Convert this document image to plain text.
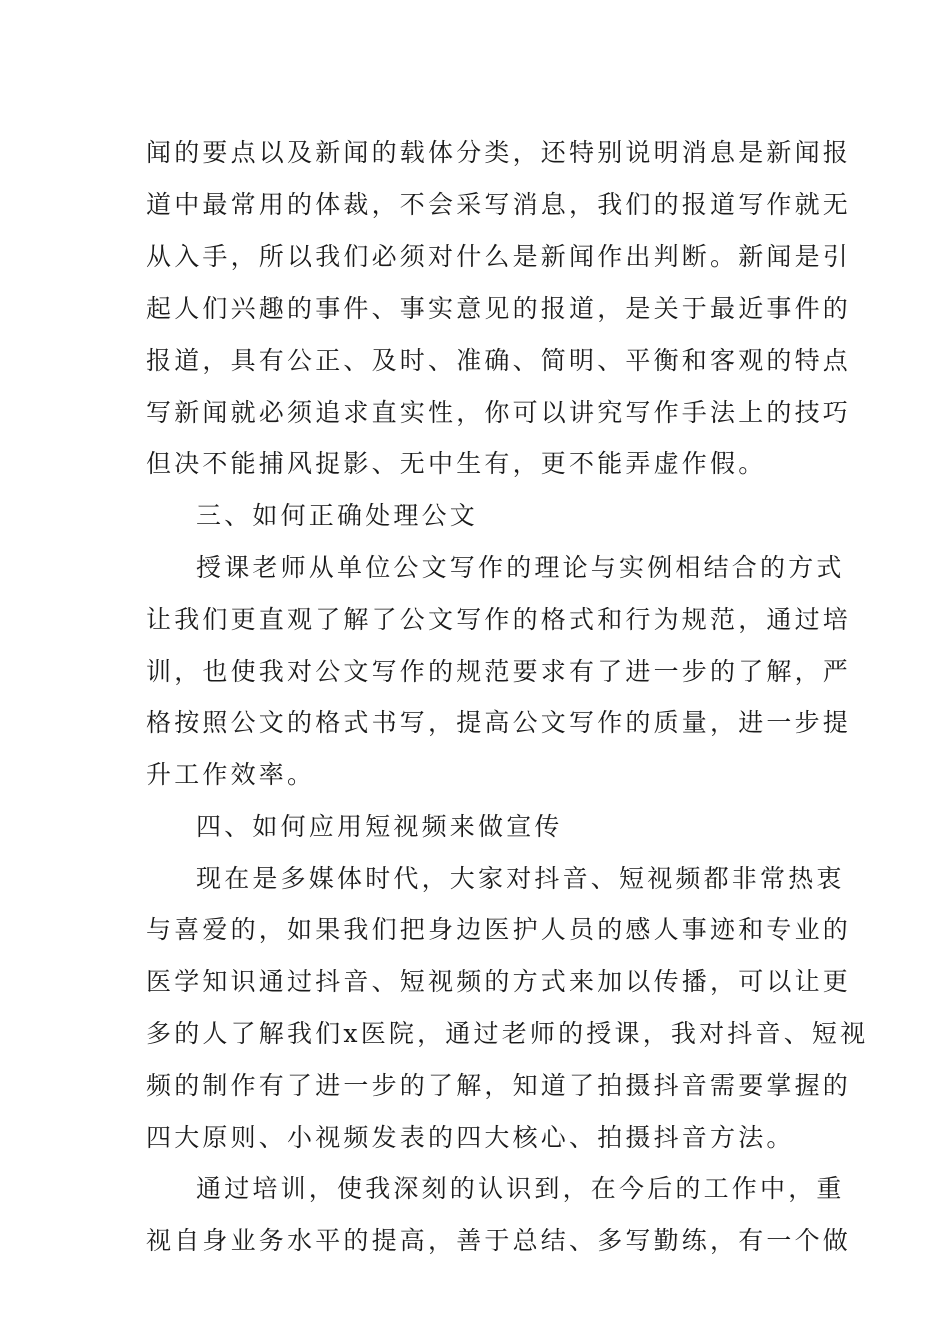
闻的要点以及新闻的载体分类，还特别说明消息是新闻报
道中最常用的体裁，不会采写消息，我们的报道写作就无
从入手，所以我们必须对什么是新闻作出判断。新闻是引
起人们兴趣的事件、事实意见的报道，是关于最近事件的
报道，具有公正、及时、准确、简明、平衡和客观的特点
写新闻就必须追求直实性，你可以讲究写作手法上的技巧
但决不能捕风捉影、无中生有，更不能弄虚作假。
三、如何正确处理公文
授课老师从单位公文写作的理论与实例相结合的方式
让我们更直观了解了公文写作的格式和行为规范，通过培
训，也使我对公文写作的规范要求有了进一步的了解，严
格按照公文的格式书写，提高公文写作的质量，进一步提
升工作效率。
四、如何应用短视频来做宣传
现在是多媒体时代，大家对抖音、短视频都非常热衷
与喜爱的，如果我们把身边医护人员的感人事迹和专业的
医学知识通过抖音、短视频的方式来加以传播，可以让更
多的人了解我们x医院，通过老师的授课，我对抖音、短视
频的制作有了进一步的了解，知道了拍摄抖音需要掌握的
四大原则、小视频发表的四大核心、拍摄抖音方法。
通过培训，使我深刻的认识到，在今后的工作中，重
视自身业务水平的提高，善于总结、多写勤练，有一个做
